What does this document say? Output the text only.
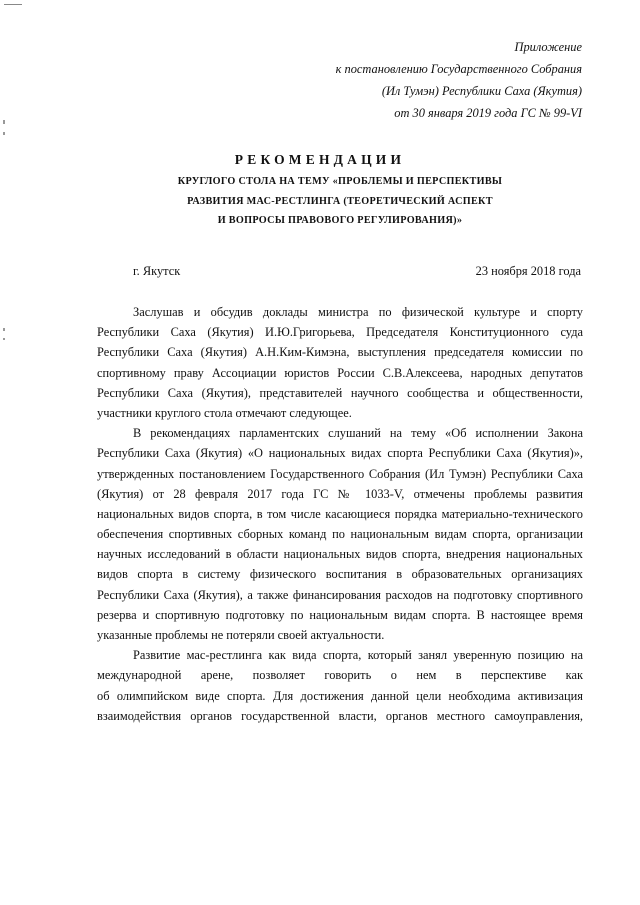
Приложение
к постановлению Государственного Собрания
(Ил Тумэн) Республики Саха (Якутия)
от 30 января 2019 года ГС № 99-VI
РЕКОМЕНДАЦИИ
КРУГЛОГО СТОЛА НА ТЕМУ «ПРОБЛЕМЫ И ПЕРСПЕКТИВЫ
РАЗВИТИЯ МАС-РЕСТЛИНГА (ТЕОРЕТИЧЕСКИЙ АСПЕКТ
И ВОПРОСЫ ПРАВОВОГО РЕГУЛИРОВАНИЯ)»
г. Якутск	23 ноября 2018 года
Заслушав и обсудив доклады министра по физической культуре и спорту
Республики Саха (Якутия) И.Ю.Григорьева, Председателя Конституционного суда
Республики Саха (Якутия) А.Н.Ким-Кимэна, выступления председателя комиссии по
спортивному праву Ассоциации юристов России С.В.Алексеева, народных депутатов
Республики Саха (Якутия), представителей научного сообщества и общественности,
участники круглого стола отмечают следующее.
В рекомендациях парламентских слушаний на тему «Об исполнении Закона
Республики Саха (Якутия) «О национальных видах спорта Республики Саха (Якутия)»,
утвержденных постановлением Государственного Собрания (Ил Тумэн) Республики Саха
(Якутия) от 28 февраля 2017 года ГС № 1033-V, отмечены проблемы развития
национальных видов спорта, в том числе касающиеся порядка материально-технического
обеспечения спортивных сборных команд по национальным видам спорта, организации
научных исследований в области национальных видов спорта, внедрения национальных
видов спорта в систему физического воспитания в образовательных организациях
Республики Саха (Якутия), а также финансирования расходов на подготовку спортивного
резерва и спортивную подготовку по национальным видам спорта. В настоящее время
указанные проблемы не потеряли своей актуальности.
Развитие мас-рестлинга как вида спорта, который занял уверенную позицию на
международной арене, позволяет говорить о нем в перспективе как
об олимпийском виде спорта. Для достижения данной цели необходима активизация
взаимодействия органов государственной власти, органов местного самоуправления,
